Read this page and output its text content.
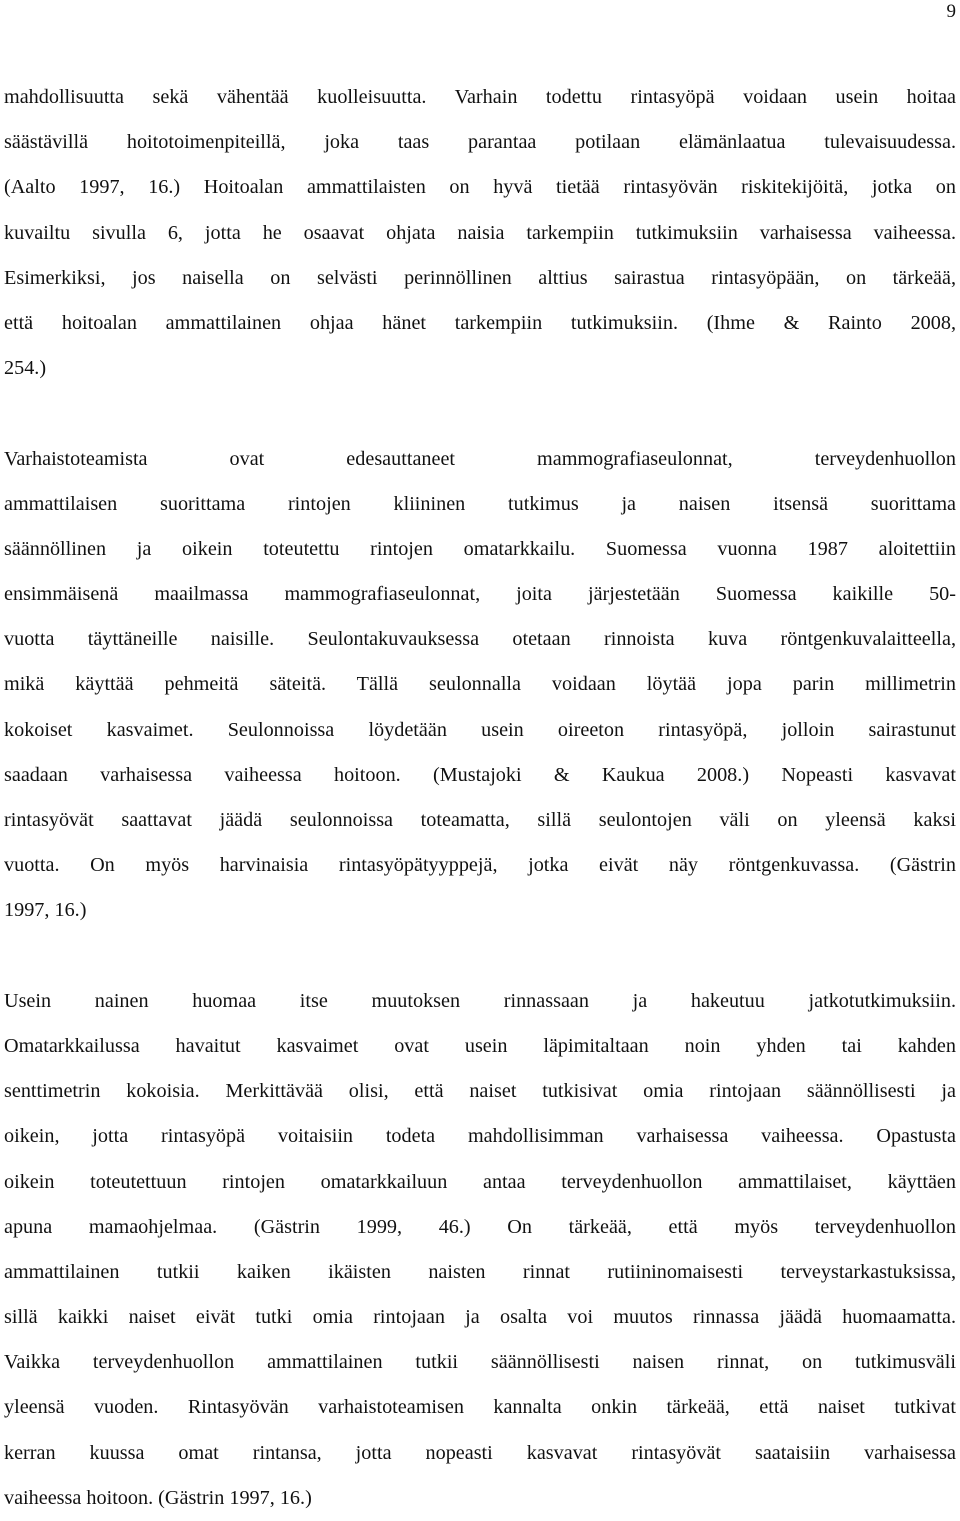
9
mahdollisuutta sekä vähentää kuolleisuutta. Varhain todettu rintasyöpä voidaan usein hoitaa
säästävillä hoitotoimenpiteillä, joka taas parantaa potilaan elämänlaatua tulevaisuudessa.
(Aalto 1997, 16.) Hoitoalan ammattilaisten on hyvä tietää rintasyövän riskitekijöitä, jotka on
kuvailtu sivulla 6, jotta he osaavat ohjata naisia tarkempiin tutkimuksiin varhaisessa vaiheessa.
Esimerkiksi, jos naisella on selvästi perinnöllinen alttius sairastua rintasyöpään, on tärkeää,
että hoitoalan ammattilainen ohjaa hänet tarkempiin tutkimuksiin. (Ihme & Rainto 2008,
254.)
Varhaistoteamista ovat edesauttaneet mammografiaseulonnat, terveydenhuollon
ammattilaisen suorittama rintojen kliininen tutkimus ja naisen itsensä suorittama
säännöllinen ja oikein toteutettu rintojen omatarkkailu. Suomessa vuonna 1987 aloitettiin
ensimmäisenä maailmassa mammografiaseulonnat, joita järjestetään Suomessa kaikille 50-
vuotta täyttäneille naisille. Seulontakuvauksessa otetaan rinnoista kuva röntgenkuvalaitteella,
mikä käyttää pehmeitä säteitä. Tällä seulonnalla voidaan löytää jopa parin millimetrin
kokoiset kasvaimet. Seulonnoissa löydetään usein oireeton rintasyöpä, jolloin sairastunut
saadaan varhaisessa vaiheessa hoitoon. (Mustajoki & Kaukua 2008.) Nopeasti kasvavat
rintasyövät saattavat jäädä seulonnoissa toteamatta, sillä seulontojen väli on yleensä kaksi
vuotta. On myös harvinaisia rintasyöpätyyppejä, jotka eivät näy röntgenkuvassa. (Gästrin
1997, 16.)
Usein nainen huomaa itse muutoksen rinnassaan ja hakeutuu jatkotutkimuksiin.
Omatarkkailussa havaitut kasvaimet ovat usein läpimitaltaan noin yhden tai kahden
senttimetrin kokoisia. Merkittävää olisi, että naiset tutkisivat omia rintojaan säännöllisesti ja
oikein, jotta rintasyöpä voitaisiin todeta mahdollisimman varhaisessa vaiheessa. Opastusta
oikein toteutettuun rintojen omatarkkailuun antaa terveydenhuollon ammattilaiset, käyttäen
apuna mamaohjelmaa. (Gästrin 1999, 46.) On tärkeää, että myös terveydenhuollon
ammattilainen tutkii kaiken ikäisten naisten rinnat rutiininomaisesti terveystarkastuksissa,
sillä kaikki naiset eivät tutki omia rintojaan ja osalta voi muutos rinnassa jäädä huomaamatta.
Vaikka terveydenhuollon ammattilainen tutkii säännöllisesti naisen rinnat, on tutkimusväli
yleensä vuoden. Rintasyövän varhaistoteamisen kannalta onkin tärkeää, että naiset tutkivat
kerran kuussa omat rintansa, jotta nopeasti kasvavat rintasyövät saataisiin varhaisessa
vaiheessa hoitoon. (Gästrin 1997, 16.)
